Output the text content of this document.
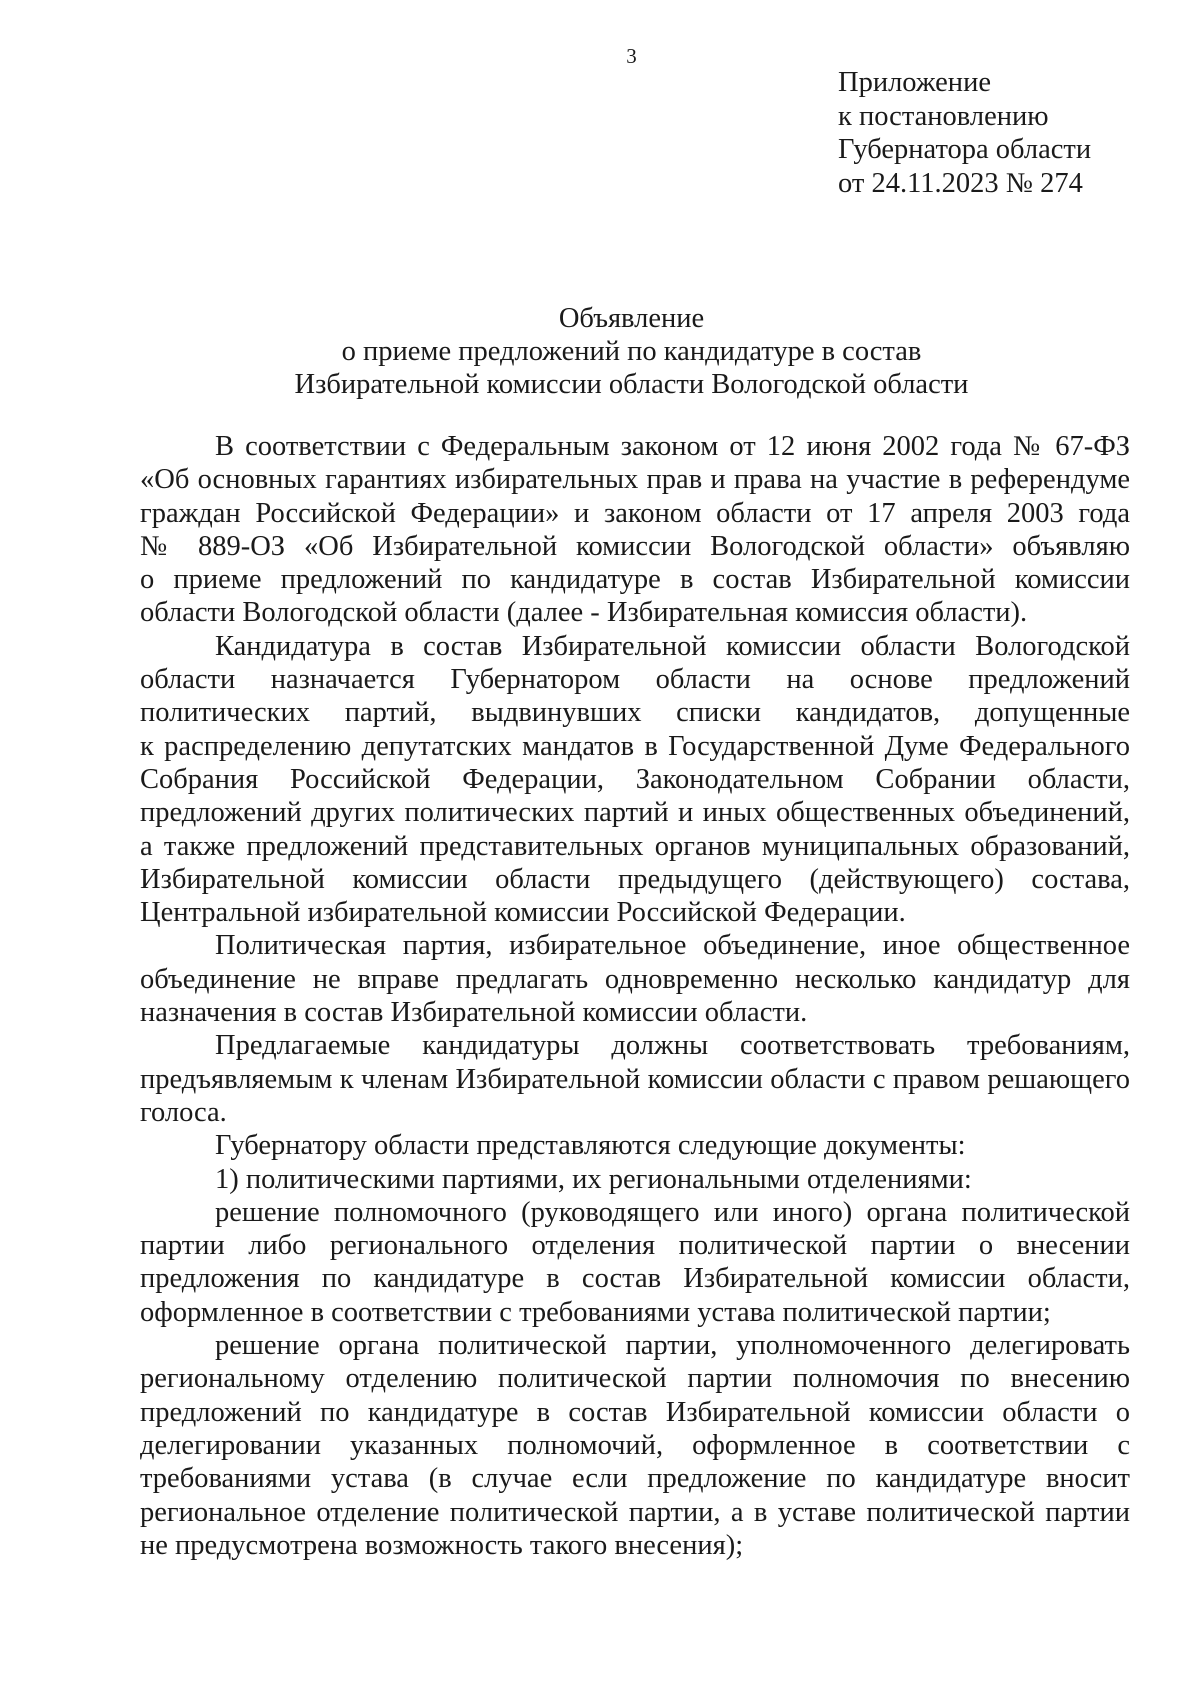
3
Приложение
к постановлению
Губернатора области
от 24.11.2023 № 274
Объявление
о приеме предложений по кандидатуре в состав
Избирательной комиссии области Вологодской области

В соответствии с Федеральным законом от 12 июня 2002 года № 67-ФЗ
«Об основных гарантиях избирательных прав и права на участие в референдуме
граждан Российской Федерации» и законом области от 17 апреля 2003 года
№ 889-ОЗ «Об Избирательной комиссии Вологодской области» объявляю
о приеме предложений по кандидатуре в состав Избирательной комиссии
области Вологодской области (далее - Избирательная комиссия области).

Кандидатура в состав Избирательной комиссии области Вологодской
области назначается Губернатором области на основе предложений
политических партий, выдвинувших списки кандидатов, допущенные
к распределению депутатских мандатов в Государственной Думе Федерального
Собрания Российской Федерации, Законодательном Собрании области,
предложений других политических партий и иных общественных объединений,
а также предложений представительных органов муниципальных образований,
Избирательной комиссии области предыдущего (действующего) состава,
Центральной избирательной комиссии Российской Федерации.

Политическая партия, избирательное объединение, иное общественное
объединение не вправе предлагать одновременно несколько кандидатур для
назначения в состав Избирательной комиссии области.

Предлагаемые кандидатуры должны соответствовать требованиям,
предъявляемым к членам Избирательной комиссии области с правом решающего
голоса.

Губернатору области представляются следующие документы:

1) политическими партиями, их региональными отделениями:

решение полномочного (руководящего или иного) органа политической
партии либо регионального отделения политической партии о внесении
предложения по кандидатуре в состав Избирательной комиссии области,
оформленное в соответствии с требованиями устава политической партии;

решение органа политической партии, уполномоченного делегировать
региональному отделению политической партии полномочия по внесению
предложений по кандидатуре в состав Избирательной комиссии области о
делегировании указанных полномочий, оформленное в соответствии с
требованиями устава (в случае если предложение по кандидатуре вносит
региональное отделение политической партии, а в уставе политической партии
не предусмотрена возможность такого внесения);
